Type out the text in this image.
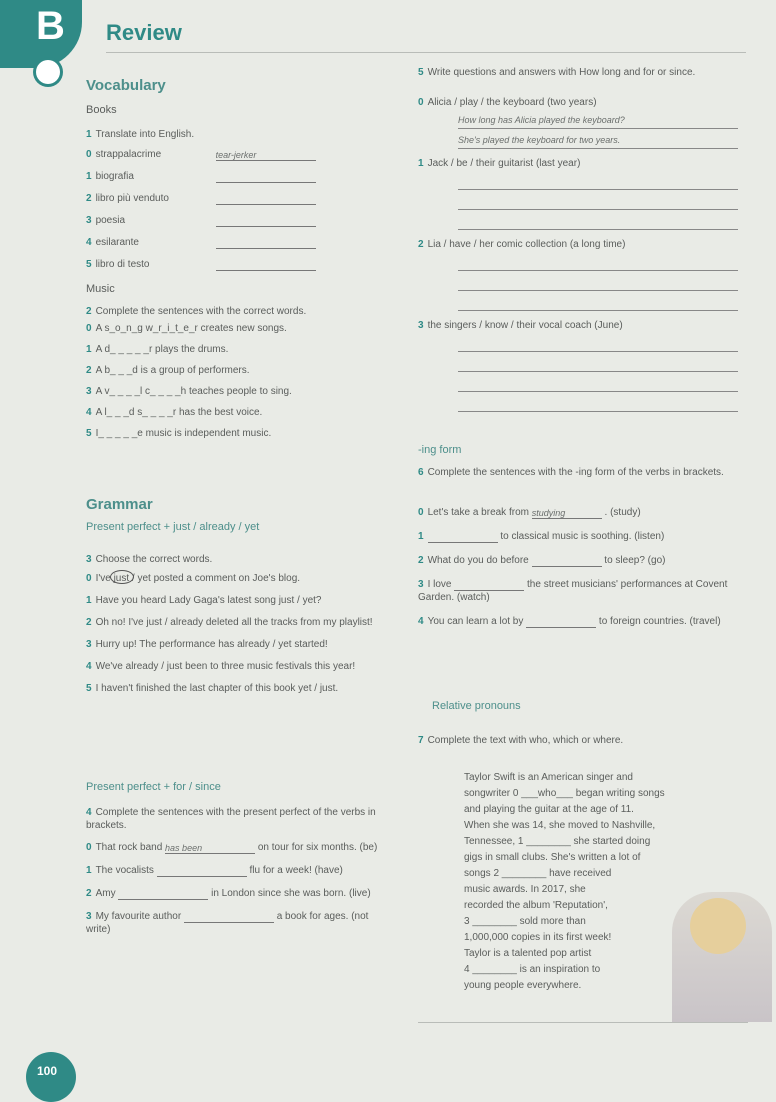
B Review
Vocabulary
Books
1 Translate into English.
0 strappalacrime	tear-jerker
1 biografia
2 libro più venduto
3 poesia
4 esilarante
5 libro di testo
Music
2 Complete the sentences with the correct words.
0 A s_o_n_g w_r_i_t_e_r creates new songs.
1 A d_ _ _ _ _r plays the drums.
2 A b_ _ _d is a group of performers.
3 A v_ _ _ _l c_ _ _ _h teaches people to sing.
4 A l_ _ _d s_ _ _ _r has the best voice.
5 I_ _ _ _ _e music is independent music.
Grammar
Present perfect + just / already / yet
3 Choose the correct words.
0 I've just / yet posted a comment on Joe's blog.
1 Have you heard Lady Gaga's latest song just / yet?
2 Oh no! I've just / already deleted all the tracks from my playlist!
3 Hurry up! The performance has already / yet started!
4 We've already / just been to three music festivals this year!
5 I haven't finished the last chapter of this book yet / just.
Present perfect + for / since
4 Complete the sentences with the present perfect of the verbs in brackets.
0 That rock band has been	on tour for six months. (be)
1 The vocalists	flu for a week! (have)
2 Amy	in London since she was born. (live)
3 My favourite author	a book for ages. (not write)
5 Write questions and answers with How long and for or since.
0 Alicia / play / the keyboard (two years)
How long has Alicia played the keyboard?
She's played the keyboard for two years.
1 Jack / be / their guitarist (last year)
2 Lia / have / her comic collection (a long time)
3 the singers / know / their vocal coach (June)
-ing form
6 Complete the sentences with the -ing form of the verbs in brackets.
0 Let's take a break from studying	. (study)
1	to classical music is soothing. (listen)
2 What do you do before	to sleep? (go)
3 I love	the street musicians' performances at Covent Garden. (watch)
4 You can learn a lot by	to foreign countries. (travel)
Relative pronouns
7 Complete the text with who, which or where.
Taylor Swift is an American singer and
songwriter 0 ___who___ began writing songs
and playing the guitar at the age of 11.
When she was 14, she moved to Nashville,
Tennessee, 1 ________ she started doing
gigs in small clubs. She's written a lot of
songs 2 ________ have received
music awards. In 2017, she
recorded the album 'Reputation',
3 ________ sold more than
1,000,000 copies in its first week!
Taylor is a talented pop artist
4 ________ is an inspiration to
young people everywhere.
100
